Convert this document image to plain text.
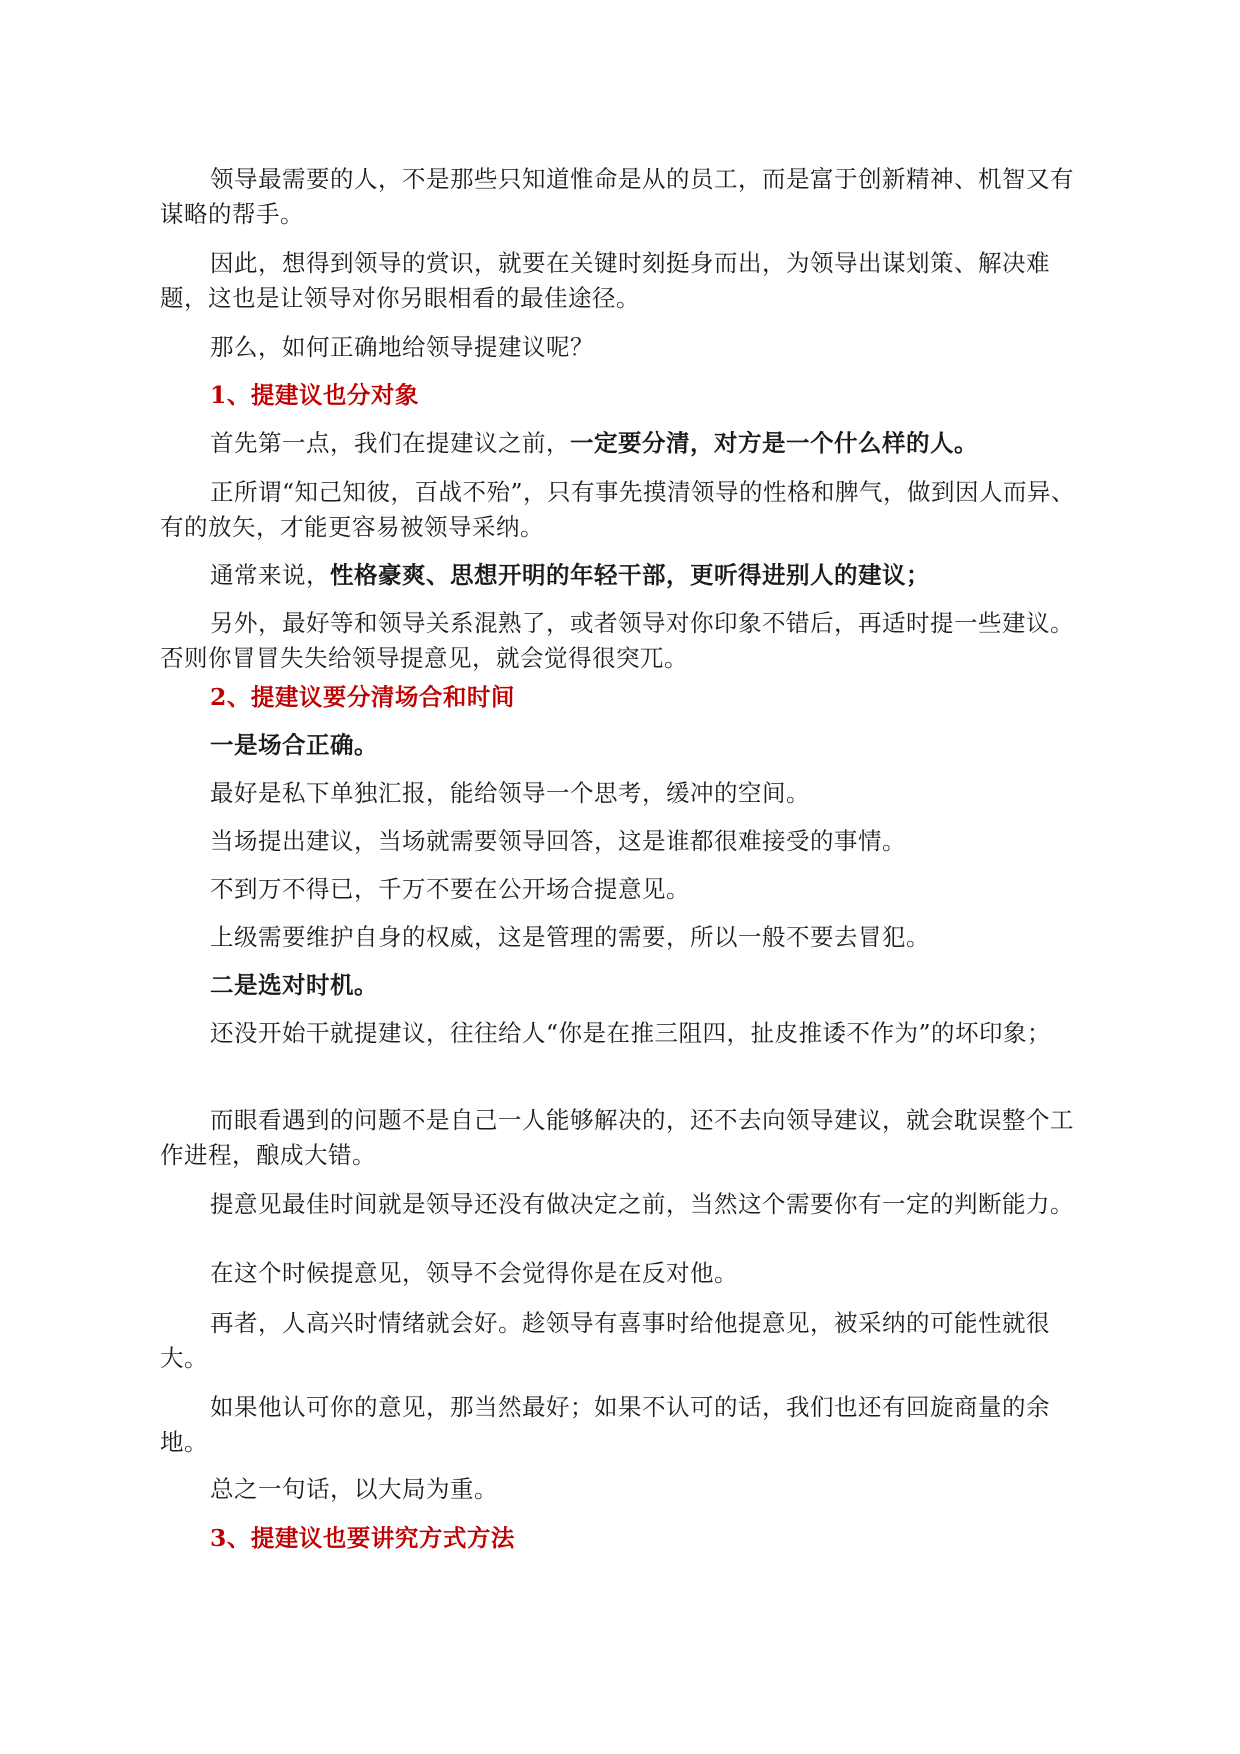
领导最需要的人，不是那些只知道惟命是从的员工，而是富于创新精神、机智又有谋略的帮手。

因此，想得到领导的赏识，就要在关键时刻挺身而出，为领导出谋划策、解决难题，这也是让领导对你另眼相看的最佳途径。

那么，如何正确地给领导提建议呢？

1、提建议也分对象

首先第一点，我们在提建议之前，一定要分清，对方是一个什么样的人。

正所谓“知己知彼，百战不殆”，只有事先摸清领导的性格和脾气，做到因人而异、有的放矢，才能更容易被领导采纳。

通常来说，性格豪爽、思想开明的年轻干部，更听得进别人的建议；

另外，最好等和领导关系混熟了，或者领导对你印象不错后，再适时提一些建议。否则你冒冒失失给领导提意见，就会觉得很突兀。

2、提建议要分清场合和时间

一是场合正确。

最好是私下单独汇报，能给领导一个思考，缓冲的空间。

当场提出建议，当场就需要领导回答，这是谁都很难接受的事情。

不到万不得已，千万不要在公开场合提意见。

上级需要维护自身的权威，这是管理的需要，所以一般不要去冒犯。

二是选对时机。

还没开始干就提建议，往往给人“你是在推三阻四，扯皮推诿不作为”的坏印象；

而眼看遇到的问题不是自己一人能够解决的，还不去向领导建议，就会耽误整个工作进程，酿成大错。

提意见最佳时间就是领导还没有做决定之前，当然这个需要你有一定的判断能力。

在这个时候提意见，领导不会觉得你是在反对他。

再者，人高兴时情绪就会好。趁领导有喜事时给他提意见，被采纳的可能性就很大。

如果他认可你的意见，那当然最好；如果不认可的话，我们也还有回旋商量的余地。

总之一句话，以大局为重。

3、提建议也要讲究方式方法
